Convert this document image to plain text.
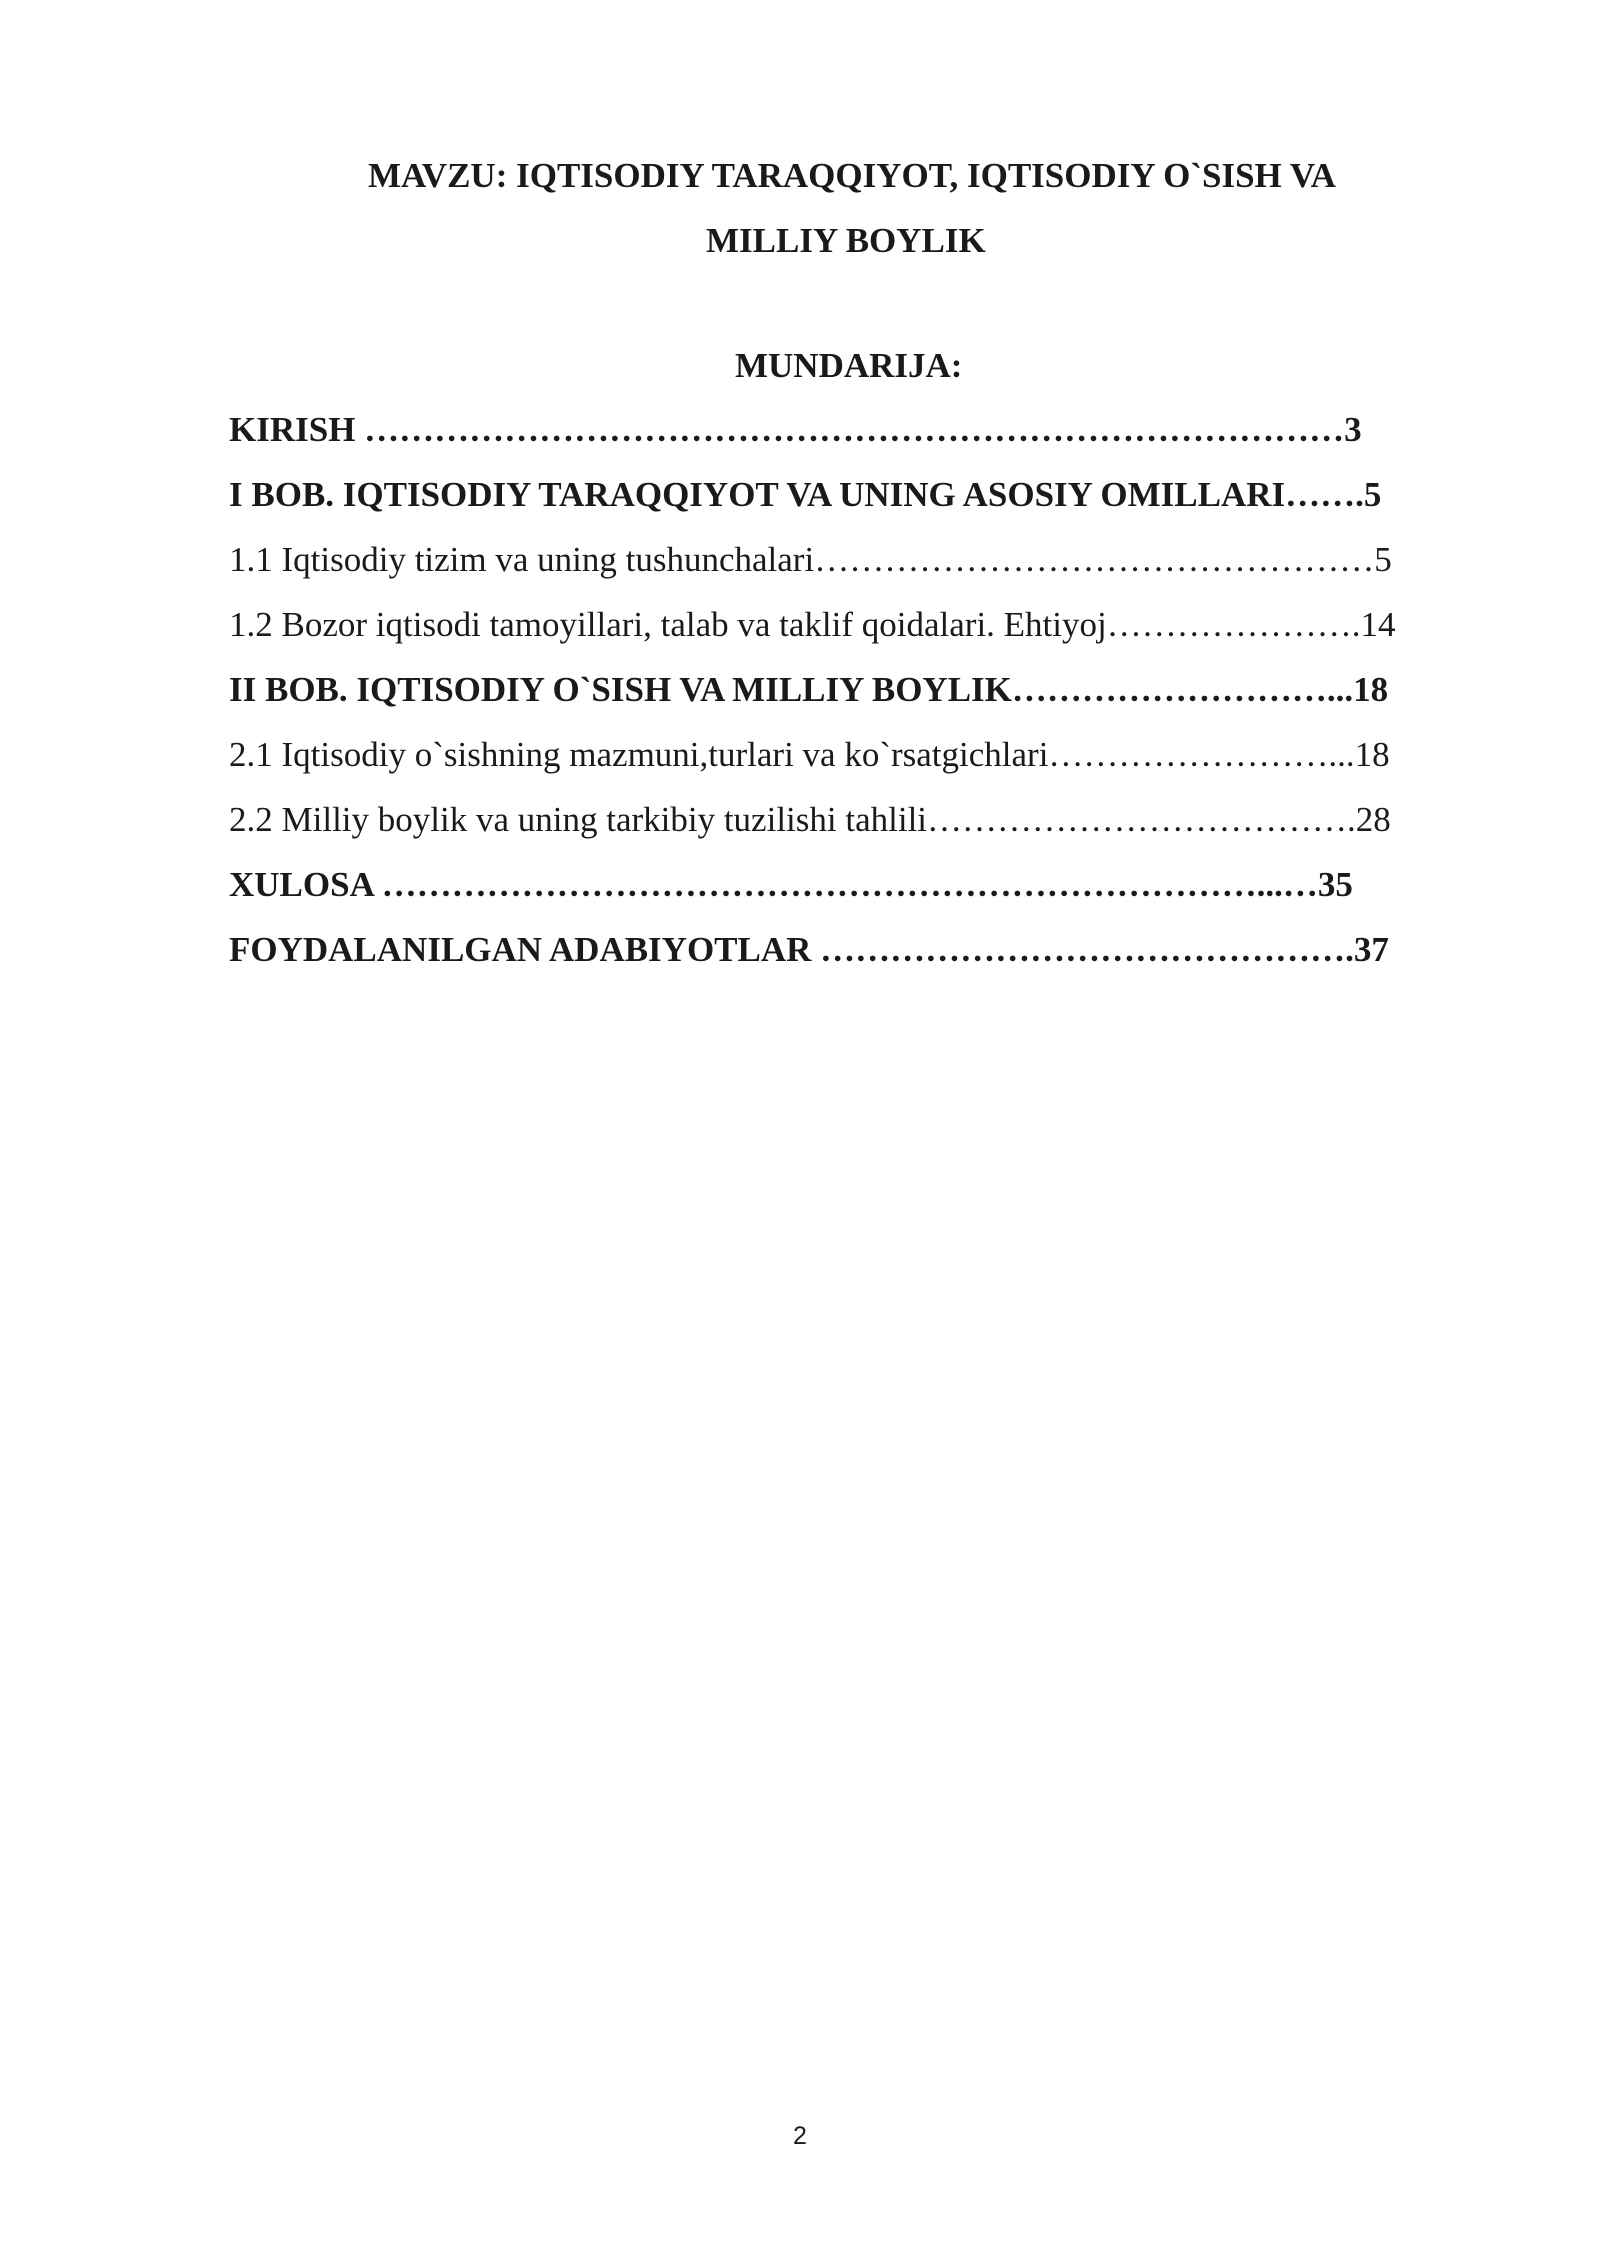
MAVZU: IQTISODIY TARAQQIYOT, IQTISODIY O`SISH VA
MILLIY BOYLIK
MUNDARIJA:
KIRISH …………………………………………………………………………3
I BOB. IQTISODIY TARAQQIYOT VA UNING ASOSIY OMILLARI…….5
1.1 Iqtisodiy tizim va uning tushunchalari…………………………………………5
1.2 Bozor iqtisodi tamoyillari, talab va taklif qoidalari. Ehtiyoj………………….14
II BOB. IQTISODIY O`SISH VA MILLIY BOYLIK………………………...18
2.1 Iqtisodiy o`sishning mazmuni,turlari va ko`rsatgichlari……………………...18
2.2 Milliy boylik va uning tarkibiy tuzilishi tahlili……………………………….28
XULOSA …………………………………………………………………...…35
FOYDALANILGAN ADABIYOTLAR ……………………………………….37
2
